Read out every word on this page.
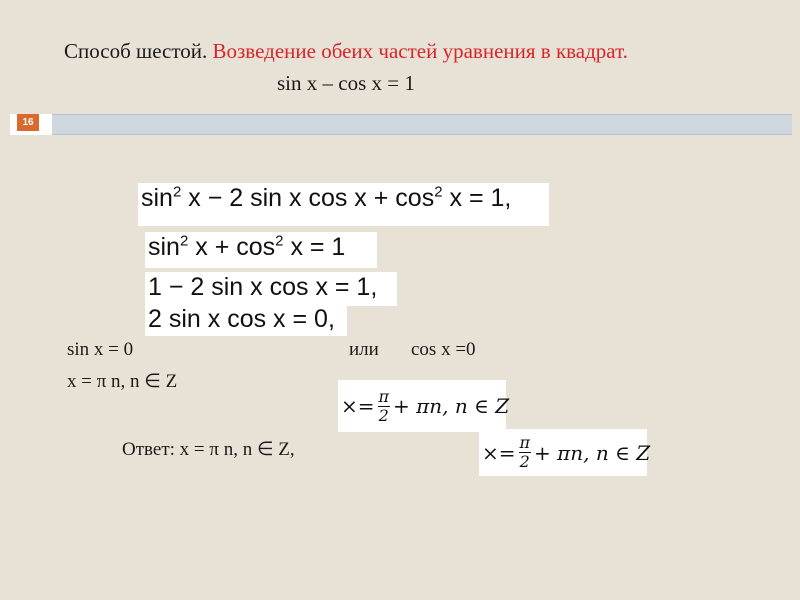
Способ шестой. Возведение обеих частей уравнения в квадрат.
sin x – cos x = 1
16
$\sin^2 x - 2$ sin x $\cos x + \cos^2 x = 1$,
$\sin^2 x + \cos^2 x = 1$
1 − 2 sin x cos x = 1,
2 sin x cos x = 0,
sin x = 0
x = π n, n ∈ Z
или cos x =0
×= $\frac{\pi}{2} + \pi n$, n ∈ Z
Ответ: x = π n, n ∈ Z,	×= $\frac{\pi}{2} + \pi n$, n ∈ Z
